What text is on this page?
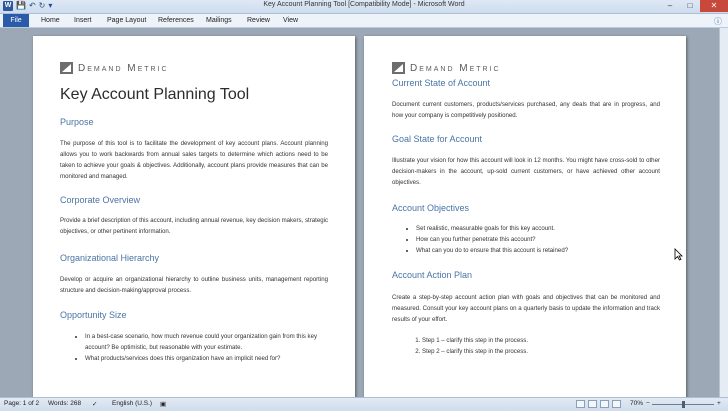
W 💾 ↶ ↻ ▾	Key Account Planning Tool [Compatibility Mode] - Microsoft Word	–	□	✕
File	Home Insert Page Layout References Mailings Review View	ⓘ
Demand Metric
Key Account Planning Tool
Purpose
The purpose of this tool is to facilitate the development of key account plans. Account planning allows you to work backwards from annual sales targets to determine which actions need to be taken to achieve your goals & objectives. Additionally, account plans provide measures that can be monitored and managed.
Corporate Overview
Provide a brief description of this account, including annual revenue, key decision makers, strategic objectives, or other pertinent information.
Organizational Hierarchy
Develop or acquire an organizational hierarchy to outline business units, management reporting structure and decision-making/approval process.
Opportunity Size
• In a best-case scenario, how much revenue could your organization gain from this key account? Be optimistic, but reasonable with your estimate.
• What products/services does this organization have an implicit need for?
Demand Metric
Current State of Account
Document current customers, products/services purchased, any deals that are in progress, and how your company is competitively positioned.
Goal State for Account
Illustrate your vision for how this account will look in 12 months. You might have cross-sold to other decision-makers in the account, up-sold current customers, or have achieved other account objectives.
Account Objectives
• Set realistic, measurable goals for this key account.
• How can you further penetrate this account?
• What can you do to ensure that this account is retained?
Account Action Plan
Create a step-by-step account action plan with goals and objectives that can be monitored and measured. Consult your key account plans on a quarterly basis to update the information and track results of your effort.
1. Step 1 – clarify this step in the process.
2. Step 2 – clarify this step in the process.
Page: 1 of 2 Words: 268 ✓ English (U.S.) ▣	70% −	+
